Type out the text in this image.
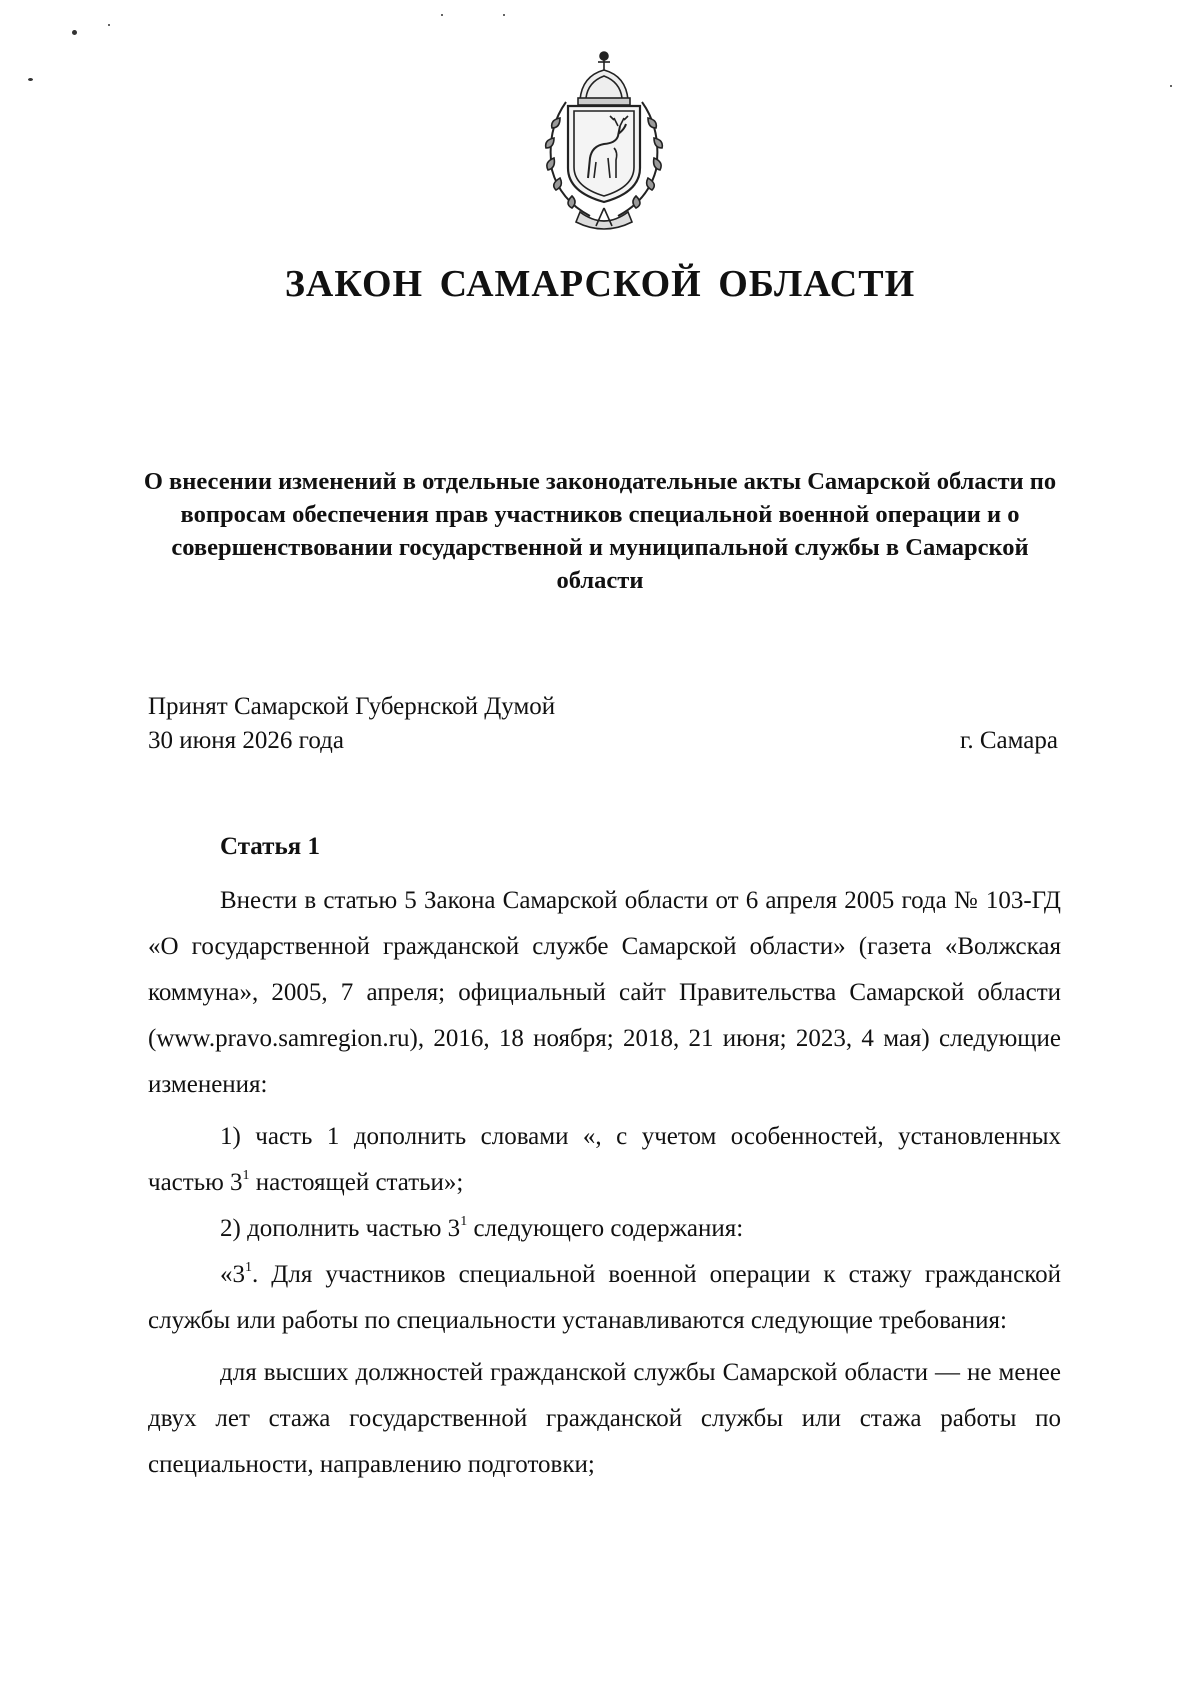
ЗАКОН САМАРСКОЙ ОБЛАСТИ
О внесении изменений в отдельные законодательные акты Самарской области по вопросам обеспечения прав участников специальной военной операции и о совершенствовании государственной и муниципальной службы в Самарской области
Принят Самарской Губернской Думой
30 июня 2026 года	г. Самара
Статья 1

Внести в статью 5 Закона Самарской области от 6 апреля 2005 года № 103-ГД «О государственной гражданской службе Самарской области» (газета «Волжская коммуна», 2005, 7 апреля; официальный сайт Правительства Самарской области (www.pravo.samregion.ru), 2016, 18 ноября; 2018, 21 июня; 2023, 4 мая) следующие изменения:

1) часть 1 дополнить словами «, с учетом особенностей, установленных частью $3^1$ настоящей статьи»;

2) дополнить частью $3^1$ следующего содержания:

«$3^1$. Для участников специальной военной операции к стажу гражданской службы или работы по специальности устанавливаются следующие требования:

для высших должностей гражданской службы Самарской области — не менее двух лет стажа государственной гражданской службы или стажа работы по специальности, направлению подготовки;
